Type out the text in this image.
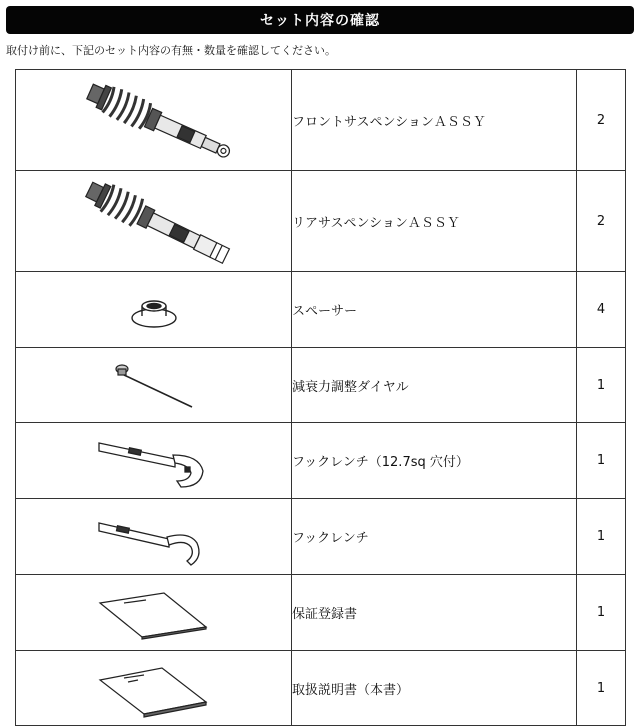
セット内容の確認
取付け前に、下記のセット内容の有無・数量を確認してください。
	フロントサスペンションＡＳＳＹ	2

	リアサスペンションＡＳＳＹ	2

	スペーサー	4

	減衰力調整ダイヤル	1

	フックレンチ（12.7sq 穴付）	1

	フックレンチ	1

	保証登録書	1

	取扱説明書（本書）	1
